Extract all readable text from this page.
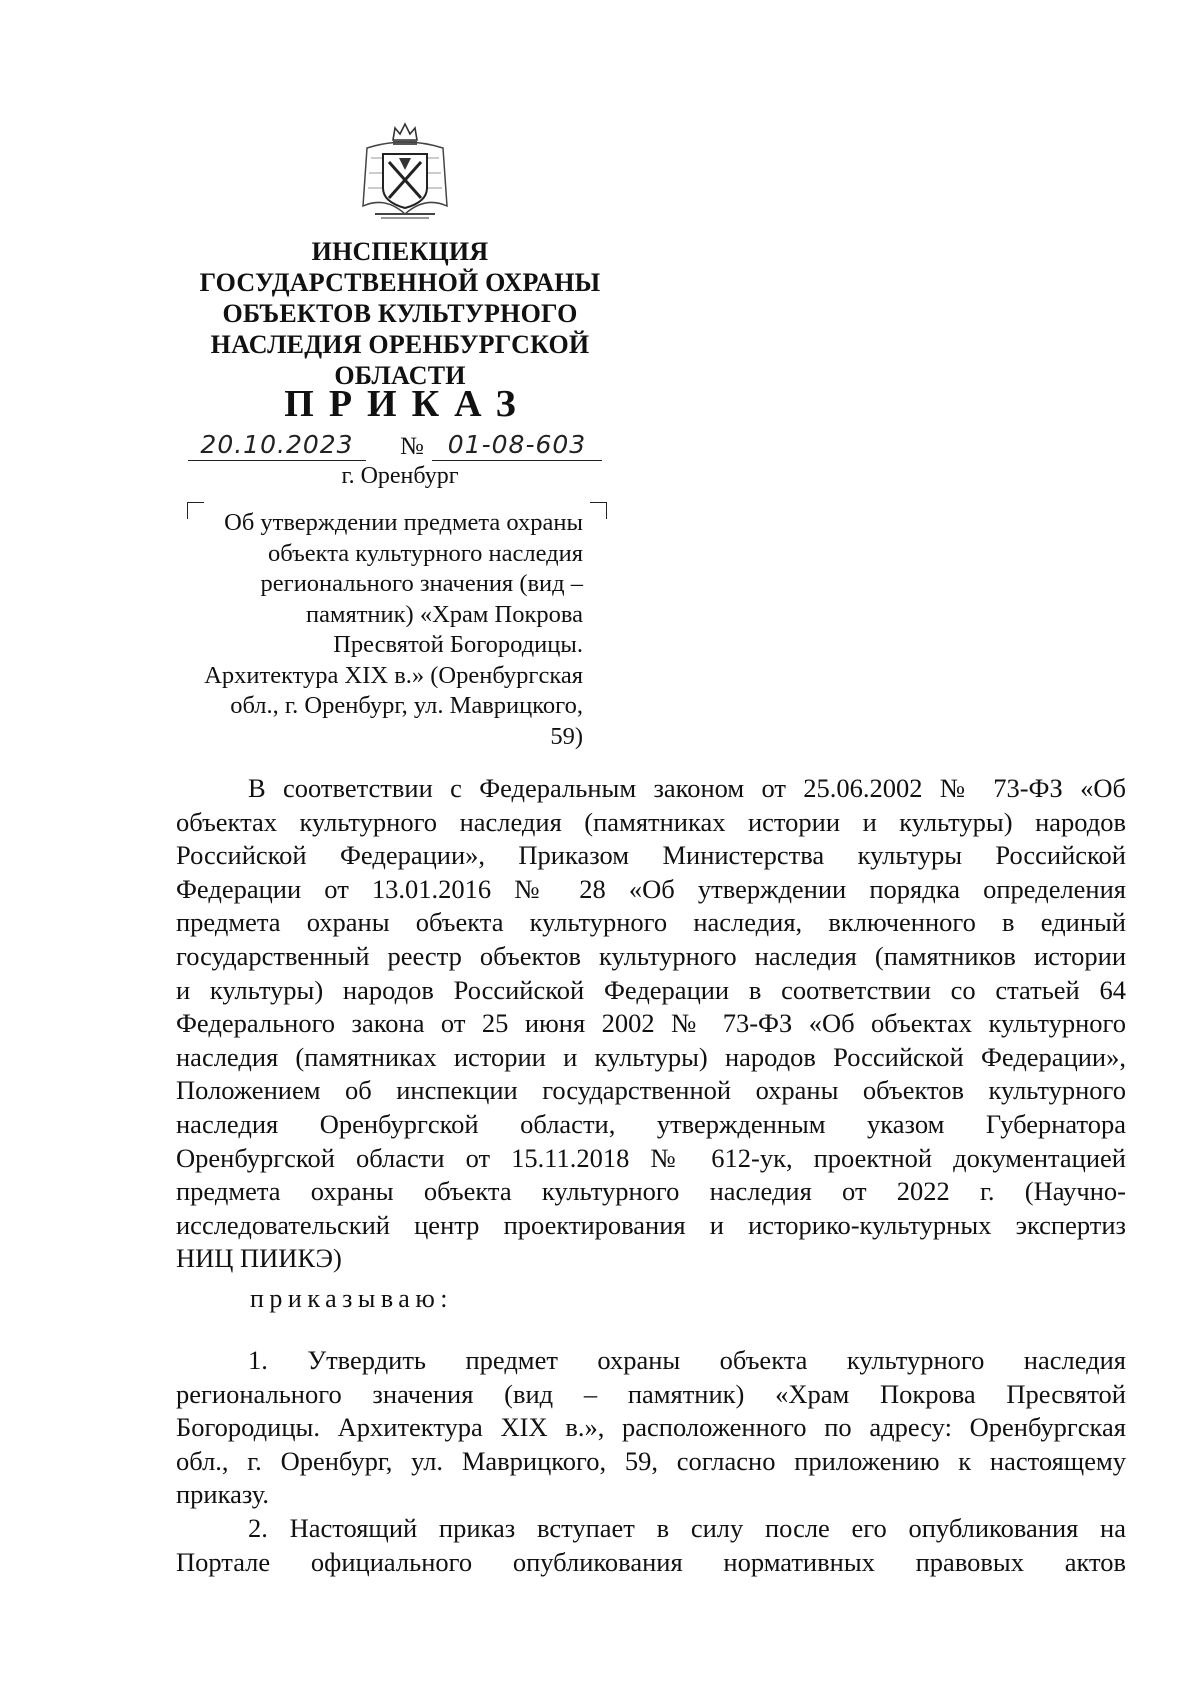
ИНСПЕКЦИЯ
ГОСУДАРСТВЕННОЙ ОХРАНЫ
ОБЪЕКТОВ КУЛЬТУРНОГО
НАСЛЕДИЯ ОРЕНБУРГСКОЙ
ОБЛАСТИ
ПРИКАЗ
20.10.2023	№ 01-08-603
г. Оренбург
Об утверждении предмета охраны
объекта культурного наследия
регионального значения (вид –
памятник) «Храм Покрова
Пресвятой Богородицы.
Архитектура XIX в.» (Оренбургская
обл., г. Оренбург, ул. Маврицкого,
59)
В соответствии с Федеральным законом от 25.06.2002 № 73-ФЗ «Об
объектах культурного наследия (памятниках истории и культуры) народов
Российской Федерации», Приказом Министерства культуры Российской
Федерации от 13.01.2016 № 28 «Об утверждении порядка определения
предмета охраны объекта культурного наследия, включенного в единый
государственный реестр объектов культурного наследия (памятников истории
и культуры) народов Российской Федерации в соответствии со статьей 64
Федерального закона от 25 июня 2002 № 73-ФЗ «Об объектах культурного
наследия (памятниках истории и культуры) народов Российской Федерации»,
Положением об инспекции государственной охраны объектов культурного
наследия Оренбургской области, утвержденным указом Губернатора
Оренбургской области от 15.11.2018 № 612-ук, проектной документацией
предмета охраны объекта культурного наследия от 2022 г. (Научно-
исследовательский центр проектирования и историко-культурных экспертиз
НИЦ ПИИКЭ)
приказываю:
1. Утвердить предмет охраны объекта культурного наследия
регионального значения (вид – памятник) «Храм Покрова Пресвятой
Богородицы. Архитектура XIX в.», расположенного по адресу: Оренбургская
обл., г. Оренбург, ул. Маврицкого, 59, согласно приложению к настоящему
приказу.
2. Настоящий приказ вступает в силу после его опубликования на
Портале официального опубликования нормативных правовых актов
